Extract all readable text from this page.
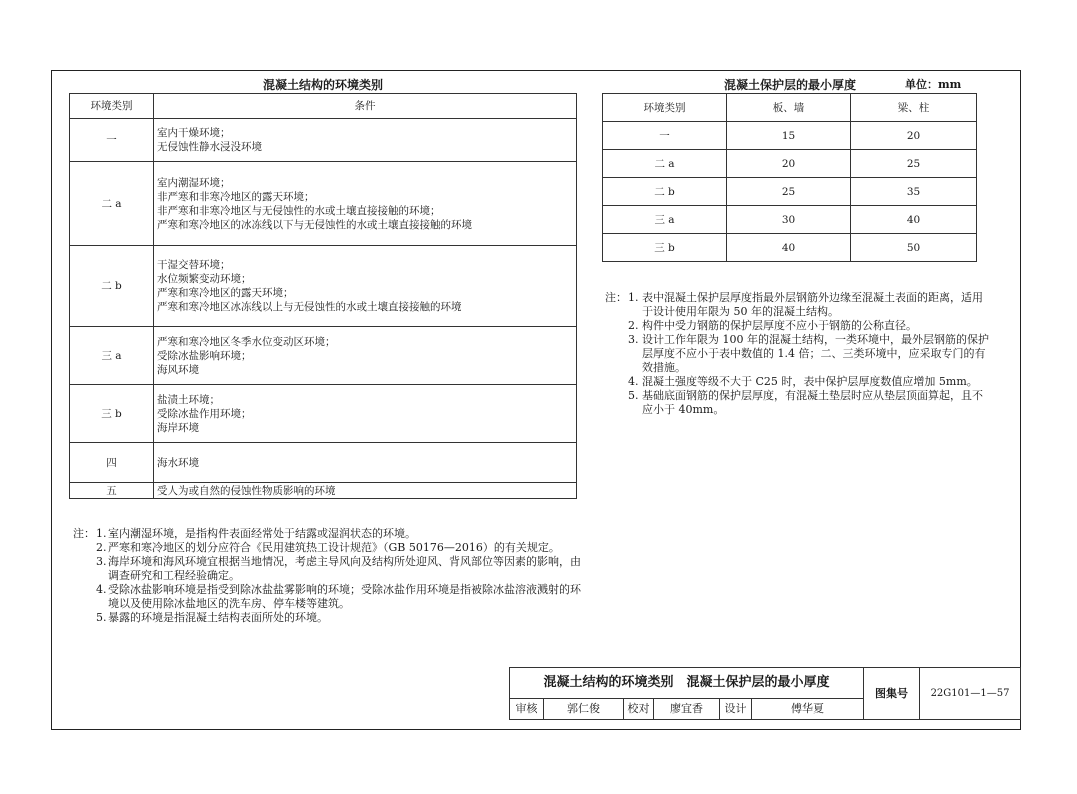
混凝土结构的环境类别
环境类别	条件
一	室内干燥环境；
无侵蚀性静水浸没环境

二 a	室内潮湿环境；
非严寒和非寒冷地区的露天环境；
非严寒和非寒冷地区与无侵蚀性的水或土壤直接接触的环境；
严寒和寒冷地区的冰冻线以下与无侵蚀性的水或土壤直接接触的环境

二 b	干湿交替环境；
水位频繁变动环境；
严寒和寒冷地区的露天环境；
严寒和寒冷地区冰冻线以上与无侵蚀性的水或土壤直接接触的环境

三 a	严寒和寒冷地区冬季水位变动区环境；
受除冰盐影响环境；
海风环境

三 b	盐渍土环境；
受除冰盐作用环境；
海岸环境

四	海水环境

五	受人为或自然的侵蚀性物质影响的环境
注： 1. 室内潮湿环境，是指构件表面经常处于结露或湿润状态的环境。
2. 严寒和寒冷地区的划分应符合《民用建筑热工设计规范》（GB 50176—2016）的有关规定。
3. 海岸环境和海风环境宜根据当地情况，考虑主导风向及结构所处迎风、背风部位等因素的影响，由调查研究和工程经验确定。
4. 受除冰盐影响环境是指受到除冰盐盐雾影响的环境；受除冰盐作用环境是指被除冰盐溶液溅射的环境以及使用除冰盐地区的洗车房、停车楼等建筑。
5. 暴露的环境是指混凝土结构表面所处的环境。
混凝土保护层的最小厚度	单位：mm
环境类别	板、墙	梁、柱
一	15	20
二 a	20	25
二 b	25	35
三 a	30	40
三 b	40	50
注： 1. 表中混凝土保护层厚度指最外层钢筋外边缘至混凝土表面的距离，适用于设计使用年限为 50 年的混凝土结构。
2. 构件中受力钢筋的保护层厚度不应小于钢筋的公称直径。
3. 设计工作年限为 100 年的混凝土结构，一类环境中，最外层钢筋的保护层厚度不应小于表中数值的 1.4 倍；二、三类环境中，应采取专门的有效措施。
4. 混凝土强度等级不大于 C25 时，表中保护层厚度数值应增加 5mm。
5. 基础底面钢筋的保护层厚度，有混凝土垫层时应从垫层顶面算起，且不应小于 40mm。
混凝土结构的环境类别　混凝土保护层的最小厚度						图集号	22G101—1—57
审核	郭仁俊	校对	廖宜香	设计	傅华夏		
